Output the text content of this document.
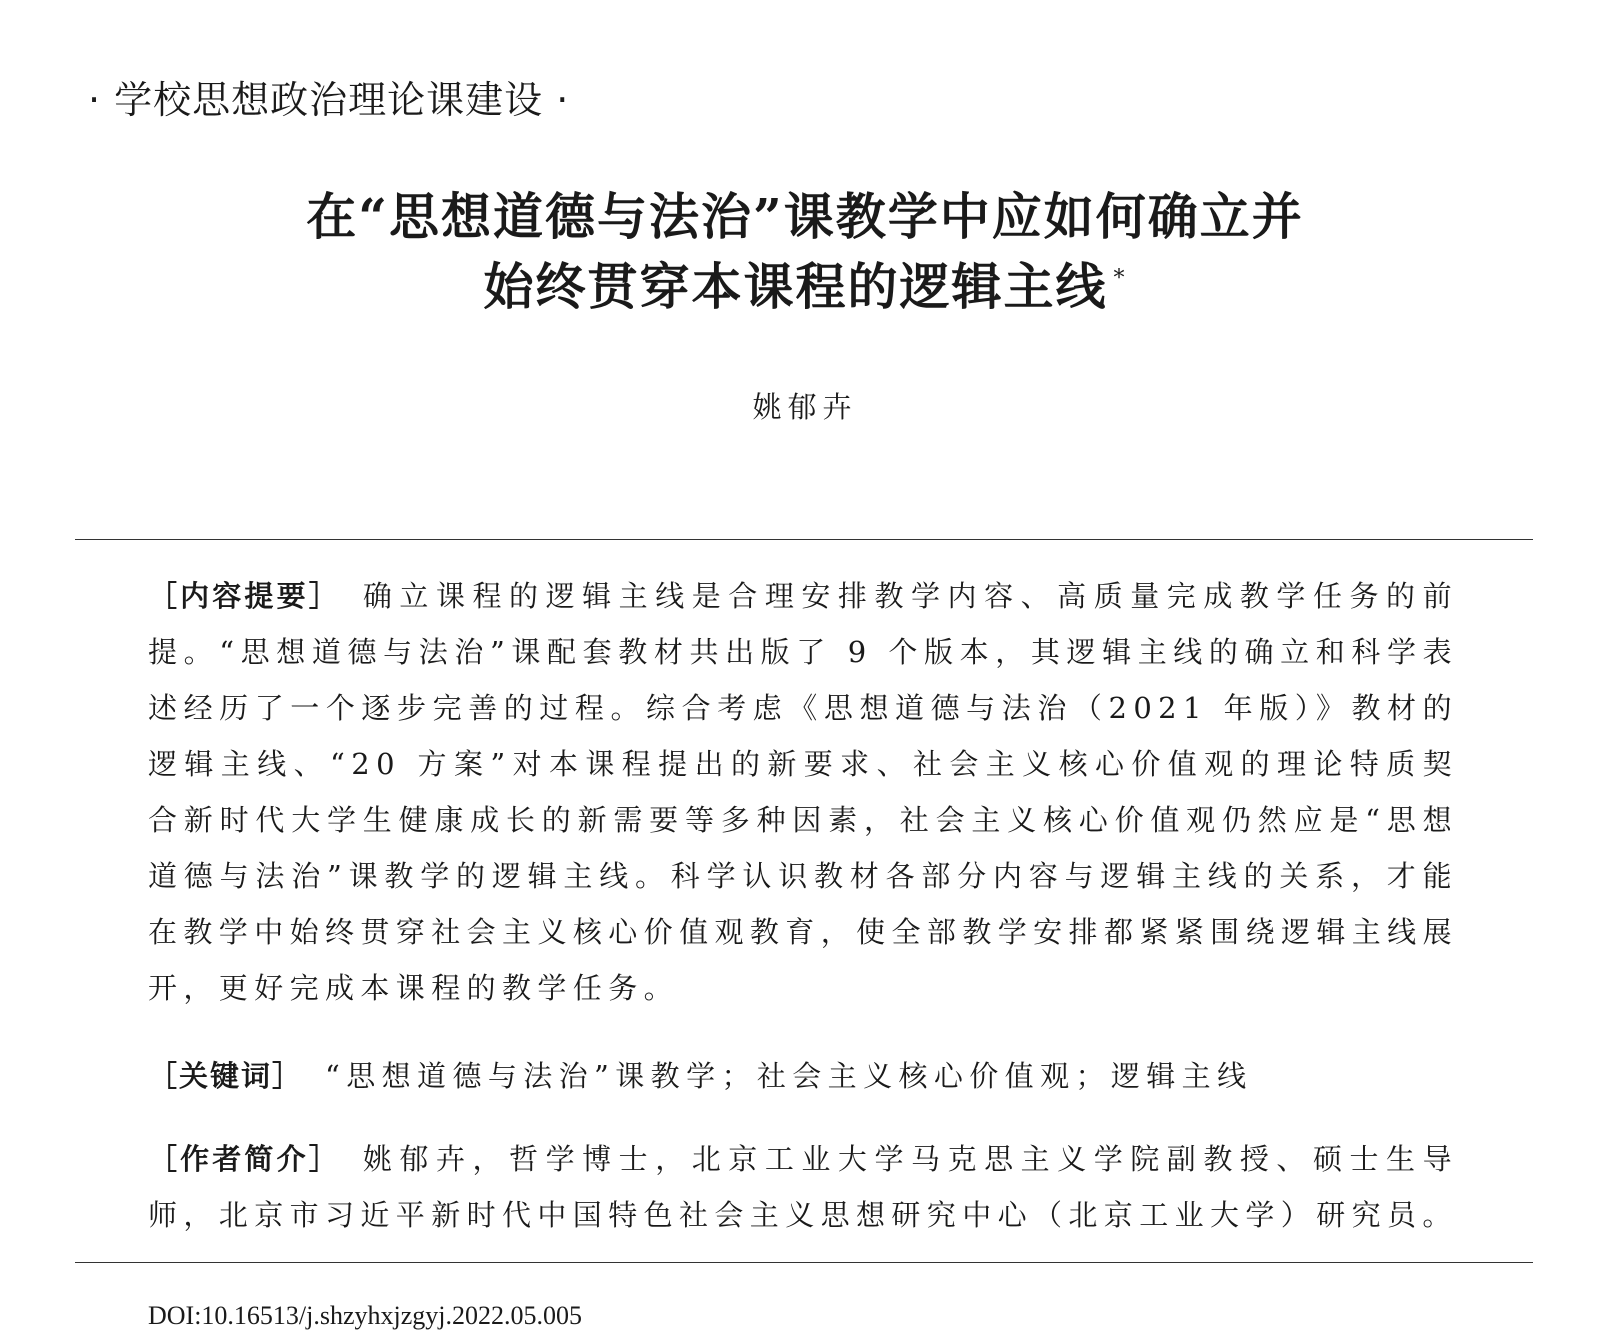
· 学校思想政治理论课建设 ·
在“思想道德与法治”课教学中应如何确立并
始终贯穿本课程的逻辑主线 *
姚郁卉
［内容提要］ 确立课程的逻辑主线是合理安排教学内容、高质量完成教学任务的前提。“思想道德与法治”课配套教材共出版了 9 个版本，其逻辑主线的确立和科学表述经历了一个逐步完善的过程。综合考虑《思想道德与法治（2021 年版）》教材的逻辑主线、“20 方案”对本课程提出的新要求、社会主义核心价值观的理论特质契合新时代大学生健康成长的新需要等多种因素，社会主义核心价值观仍然应是“思想道德与法治”课教学的逻辑主线。科学认识教材各部分内容与逻辑主线的关系，才能在教学中始终贯穿社会主义核心价值观教育，使全部教学安排都紧紧围绕逻辑主线展开，更好完成本课程的教学任务。
［关键词］ “思想道德与法治”课教学；社会主义核心价值观；逻辑主线
［作者简介］ 姚郁卉，哲学博士，北京工业大学马克思主义学院副教授、硕士生导师，北京市习近平新时代中国特色社会主义思想研究中心（北京工业大学）研究员。
DOI:10.16513/j.shzyhxjzgyj.2022.05.005
